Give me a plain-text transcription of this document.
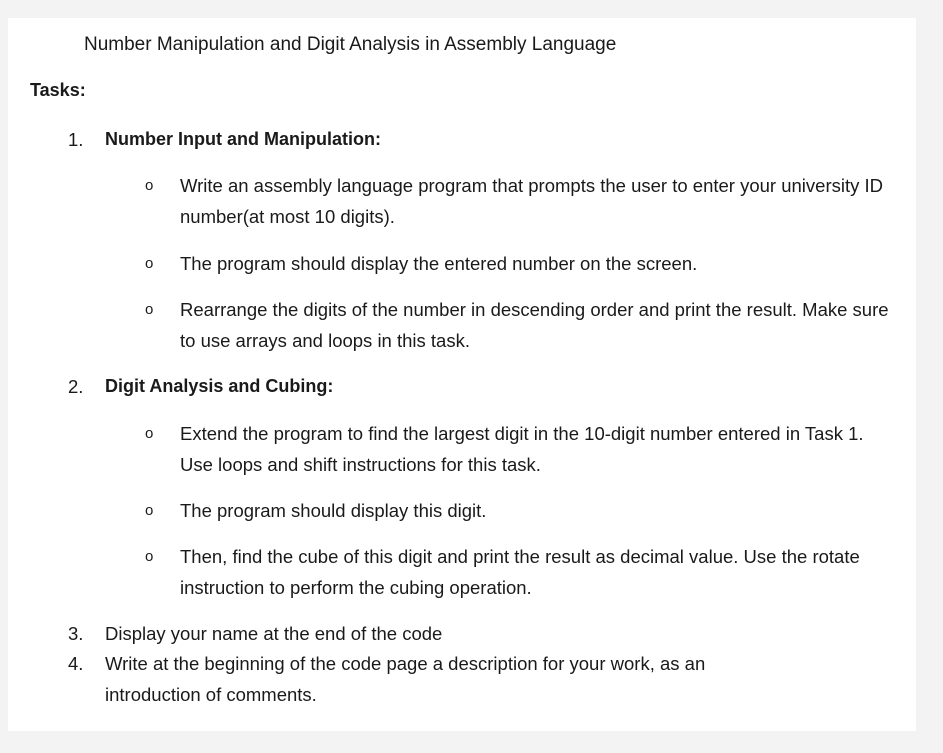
Number Manipulation and Digit Analysis in Assembly Language
Tasks:
1.	Number Input and Manipulation:
o Write an assembly language program that prompts the user to enter your university ID number(at most 10 digits).
o The program should display the entered number on the screen.
o Rearrange the digits of the number in descending order and print the result. Make sure to use arrays and loops in this task.
2.	Digit Analysis and Cubing:
o Extend the program to find the largest digit in the 10-digit number entered in Task 1. Use loops and shift instructions for this task.
o The program should display this digit.
o Then, find the cube of this digit and print the result as decimal value. Use the rotate instruction to perform the cubing operation.
3.	Display your name at the end of the code
4.	Write at the beginning of the code page a description for your work, as an introduction of comments.
